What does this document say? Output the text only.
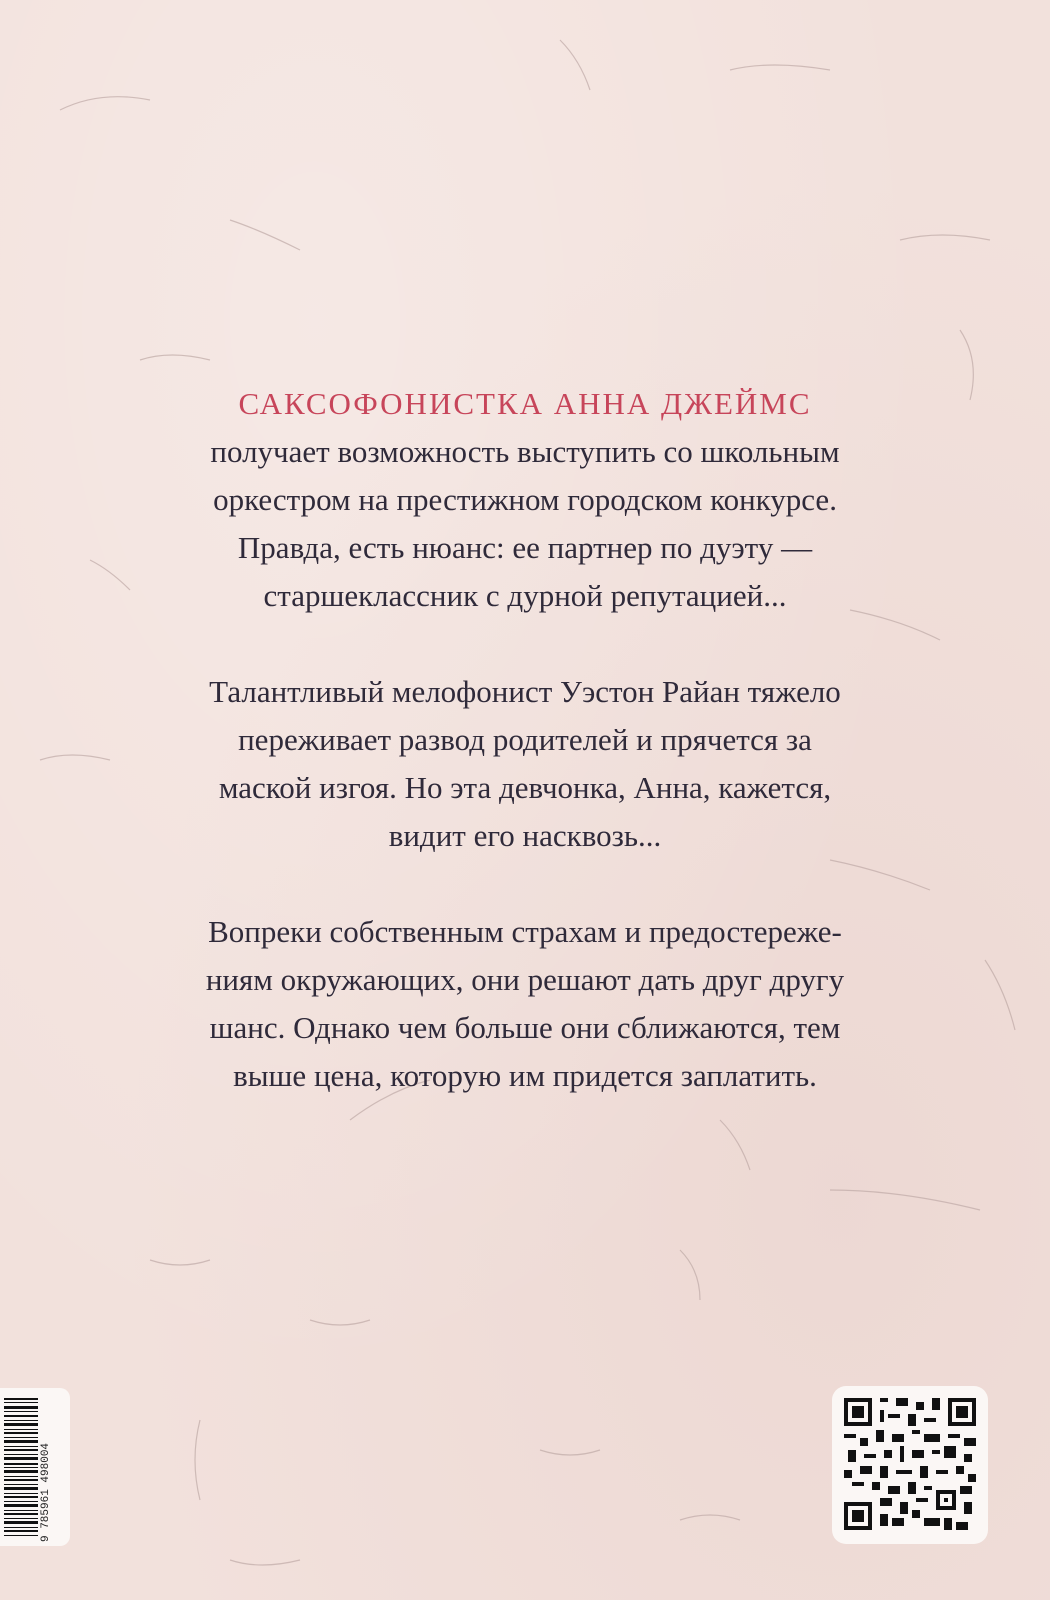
САКСОФОНИСТКА АННА ДЖЕЙМС
получает возможность выступить со школьным
оркестром на престижном городском конкурсе.
Правда, есть нюанс: ее партнер по дуэту —
старшеклассник с дурной репутацией...
Талантливый мелофонист Уэстон Райан тяжело
переживает развод родителей и прячется за
маской изгоя. Но эта девчонка, Анна, кажется,
видит его насквозь...
Вопреки собственным страхам и предостереже-
ниям окружающих, они решают дать друг другу
шанс. Однако чем больше они сближаются, тем
выше цена, которую им придется заплатить.
9 785961 498004
